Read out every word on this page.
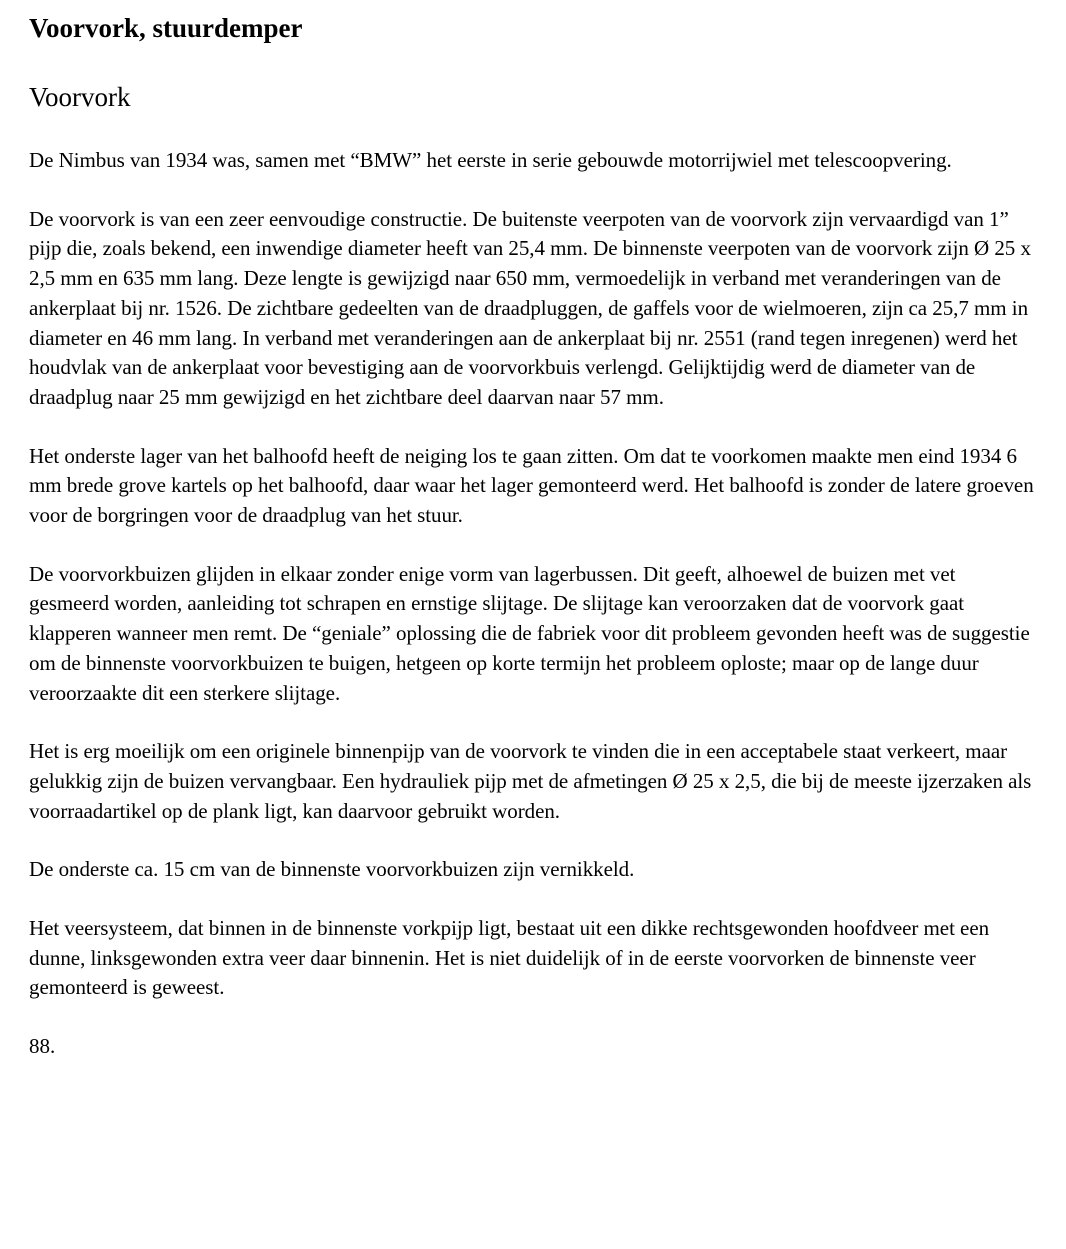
Voorvork, stuurdemper
Voorvork

De Nimbus van 1934 was, samen met “BMW” het eerste in serie gebouwde motorrijwiel met telescoopvering.

De voorvork is van een zeer eenvoudige constructie. De buitenste veerpoten van de voorvork zijn vervaardigd van 1” pijp die, zoals bekend, een inwendige diameter heeft van 25,4 mm. De binnenste veerpoten van de voorvork zijn Ø 25 x 2,5 mm en 635 mm lang. Deze lengte is gewijzigd naar 650 mm, vermoedelijk in verband met veranderingen van de ankerplaat bij nr. 1526. De zichtbare gedeelten van de draadpluggen, de gaffels voor de wielmoeren, zijn ca 25,7 mm in diameter en 46 mm lang. In verband met veranderingen aan de ankerplaat bij nr. 2551 (rand tegen inregenen) werd het houdvlak van de ankerplaat voor bevestiging aan de voorvorkbuis verlengd. Gelijktijdig werd de diameter van de draadplug naar 25 mm gewijzigd en het zichtbare deel daarvan naar 57 mm.

Het onderste lager van het balhoofd heeft de neiging los te gaan zitten. Om dat te voorkomen maakte men eind 1934 6 mm brede grove kartels op het balhoofd, daar waar het lager gemonteerd werd. Het balhoofd is zonder de latere groeven voor de borgringen voor de draadplug van het stuur.

De voorvorkbuizen glijden in elkaar zonder enige vorm van lagerbussen. Dit geeft, alhoewel de buizen met vet gesmeerd worden, aanleiding tot schrapen en ernstige slijtage. De slijtage kan veroorzaken dat de voorvork gaat klapperen wanneer men remt. De “geniale” oplossing die de fabriek voor dit probleem gevonden heeft was de suggestie om de binnenste voorvorkbuizen te buigen, hetgeen op korte termijn het probleem oploste; maar op de lange duur veroorzaakte dit een sterkere slijtage.

Het is erg moeilijk om een originele binnenpijp van de voorvork te vinden die in een acceptabele staat verkeert, maar gelukkig zijn de buizen vervangbaar. Een hydrauliek pijp met de afmetingen Ø 25 x 2,5, die bij de meeste ijzerzaken als voorraadartikel op de plank ligt, kan daarvoor gebruikt worden.

De onderste ca. 15 cm van de binnenste voorvorkbuizen zijn vernikkeld.

Het veersysteem, dat binnen in de binnenste vorkpijp ligt, bestaat uit een dikke rechtsgewonden hoofdveer met een dunne, linksgewonden extra veer daar binnenin. Het is niet duidelijk of in de eerste voorvorken de binnenste veer gemonteerd is geweest.

88.
